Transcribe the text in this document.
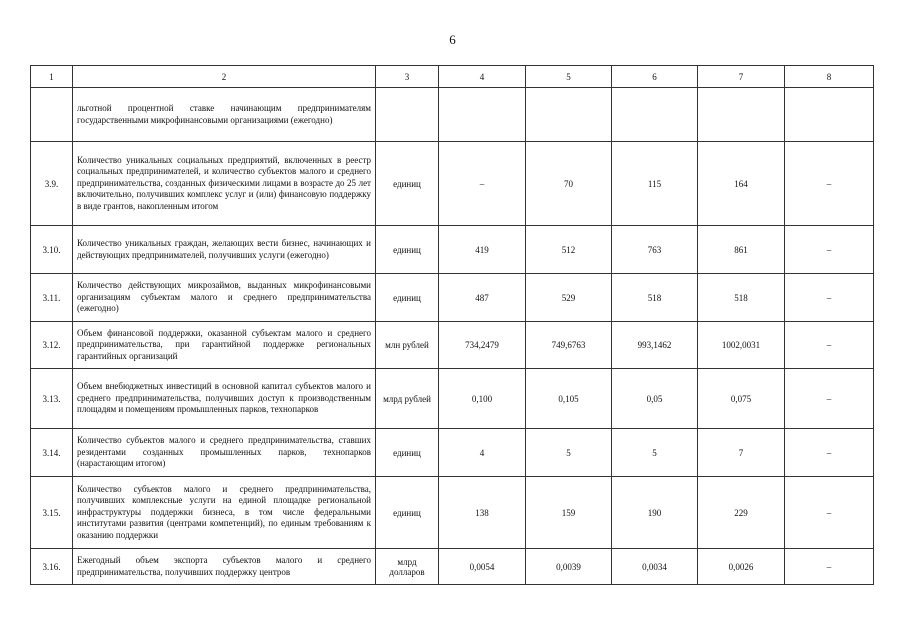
6
1	2	3	4	5	6	7	8
	льготной процентной ставке начинающим предпринимателям государственными микрофинансовыми организациями (ежегодно)						
3.9.	Количество уникальных социальных предприятий, включенных в реестр социальных предпринимателей, и количество субъектов малого и среднего предпринимательства, созданных физическими лицами в возрасте до 25 лет включительно, получивших комплекс услуг и (или) финансовую поддержку в виде грантов, накопленным итогом	единиц	–	70	115	164	–
3.10.	Количество уникальных граждан, желающих вести бизнес, начинающих и действующих предпринимателей, получивших услуги (ежегодно)	единиц	419	512	763	861	–
3.11.	Количество действующих микрозаймов, выданных микрофинансовыми организациям субъектам малого и среднего предпринимательства (ежегодно)	единиц	487	529	518	518	–
3.12.	Объем финансовой поддержки, оказанной субъектам малого и среднего предпринимательства, при гарантийной поддержке региональных гарантийных организаций	млн рублей	734,2479	749,6763	993,1462	1002,0031	–
3.13.	Объем внебюджетных инвестиций в основной капитал субъектов малого и среднего предпринимательства, получивших доступ к производственным площадям и помещениям промышленных парков, технопарков	млрд рублей	0,100	0,105	0,05	0,075	–
3.14.	Количество субъектов малого и среднего предпринимательства, ставших резидентами созданных промышленных парков, технопарков (нарастающим итогом)	единиц	4	5	5	7	–
3.15.	Количество субъектов малого и среднего предпринимательства, получивших комплексные услуги на единой площадке региональной инфраструктуры поддержки бизнеса, в том числе федеральными институтами развития (центрами компетенций), по единым требованиям к оказанию поддержки	единиц	138	159	190	229	–
3.16.	Ежегодный объем экспорта субъектов малого и среднего предпринимательства, получивших поддержку центров	млрд долларов	0,0054	0,0039	0,0034	0,0026	–
